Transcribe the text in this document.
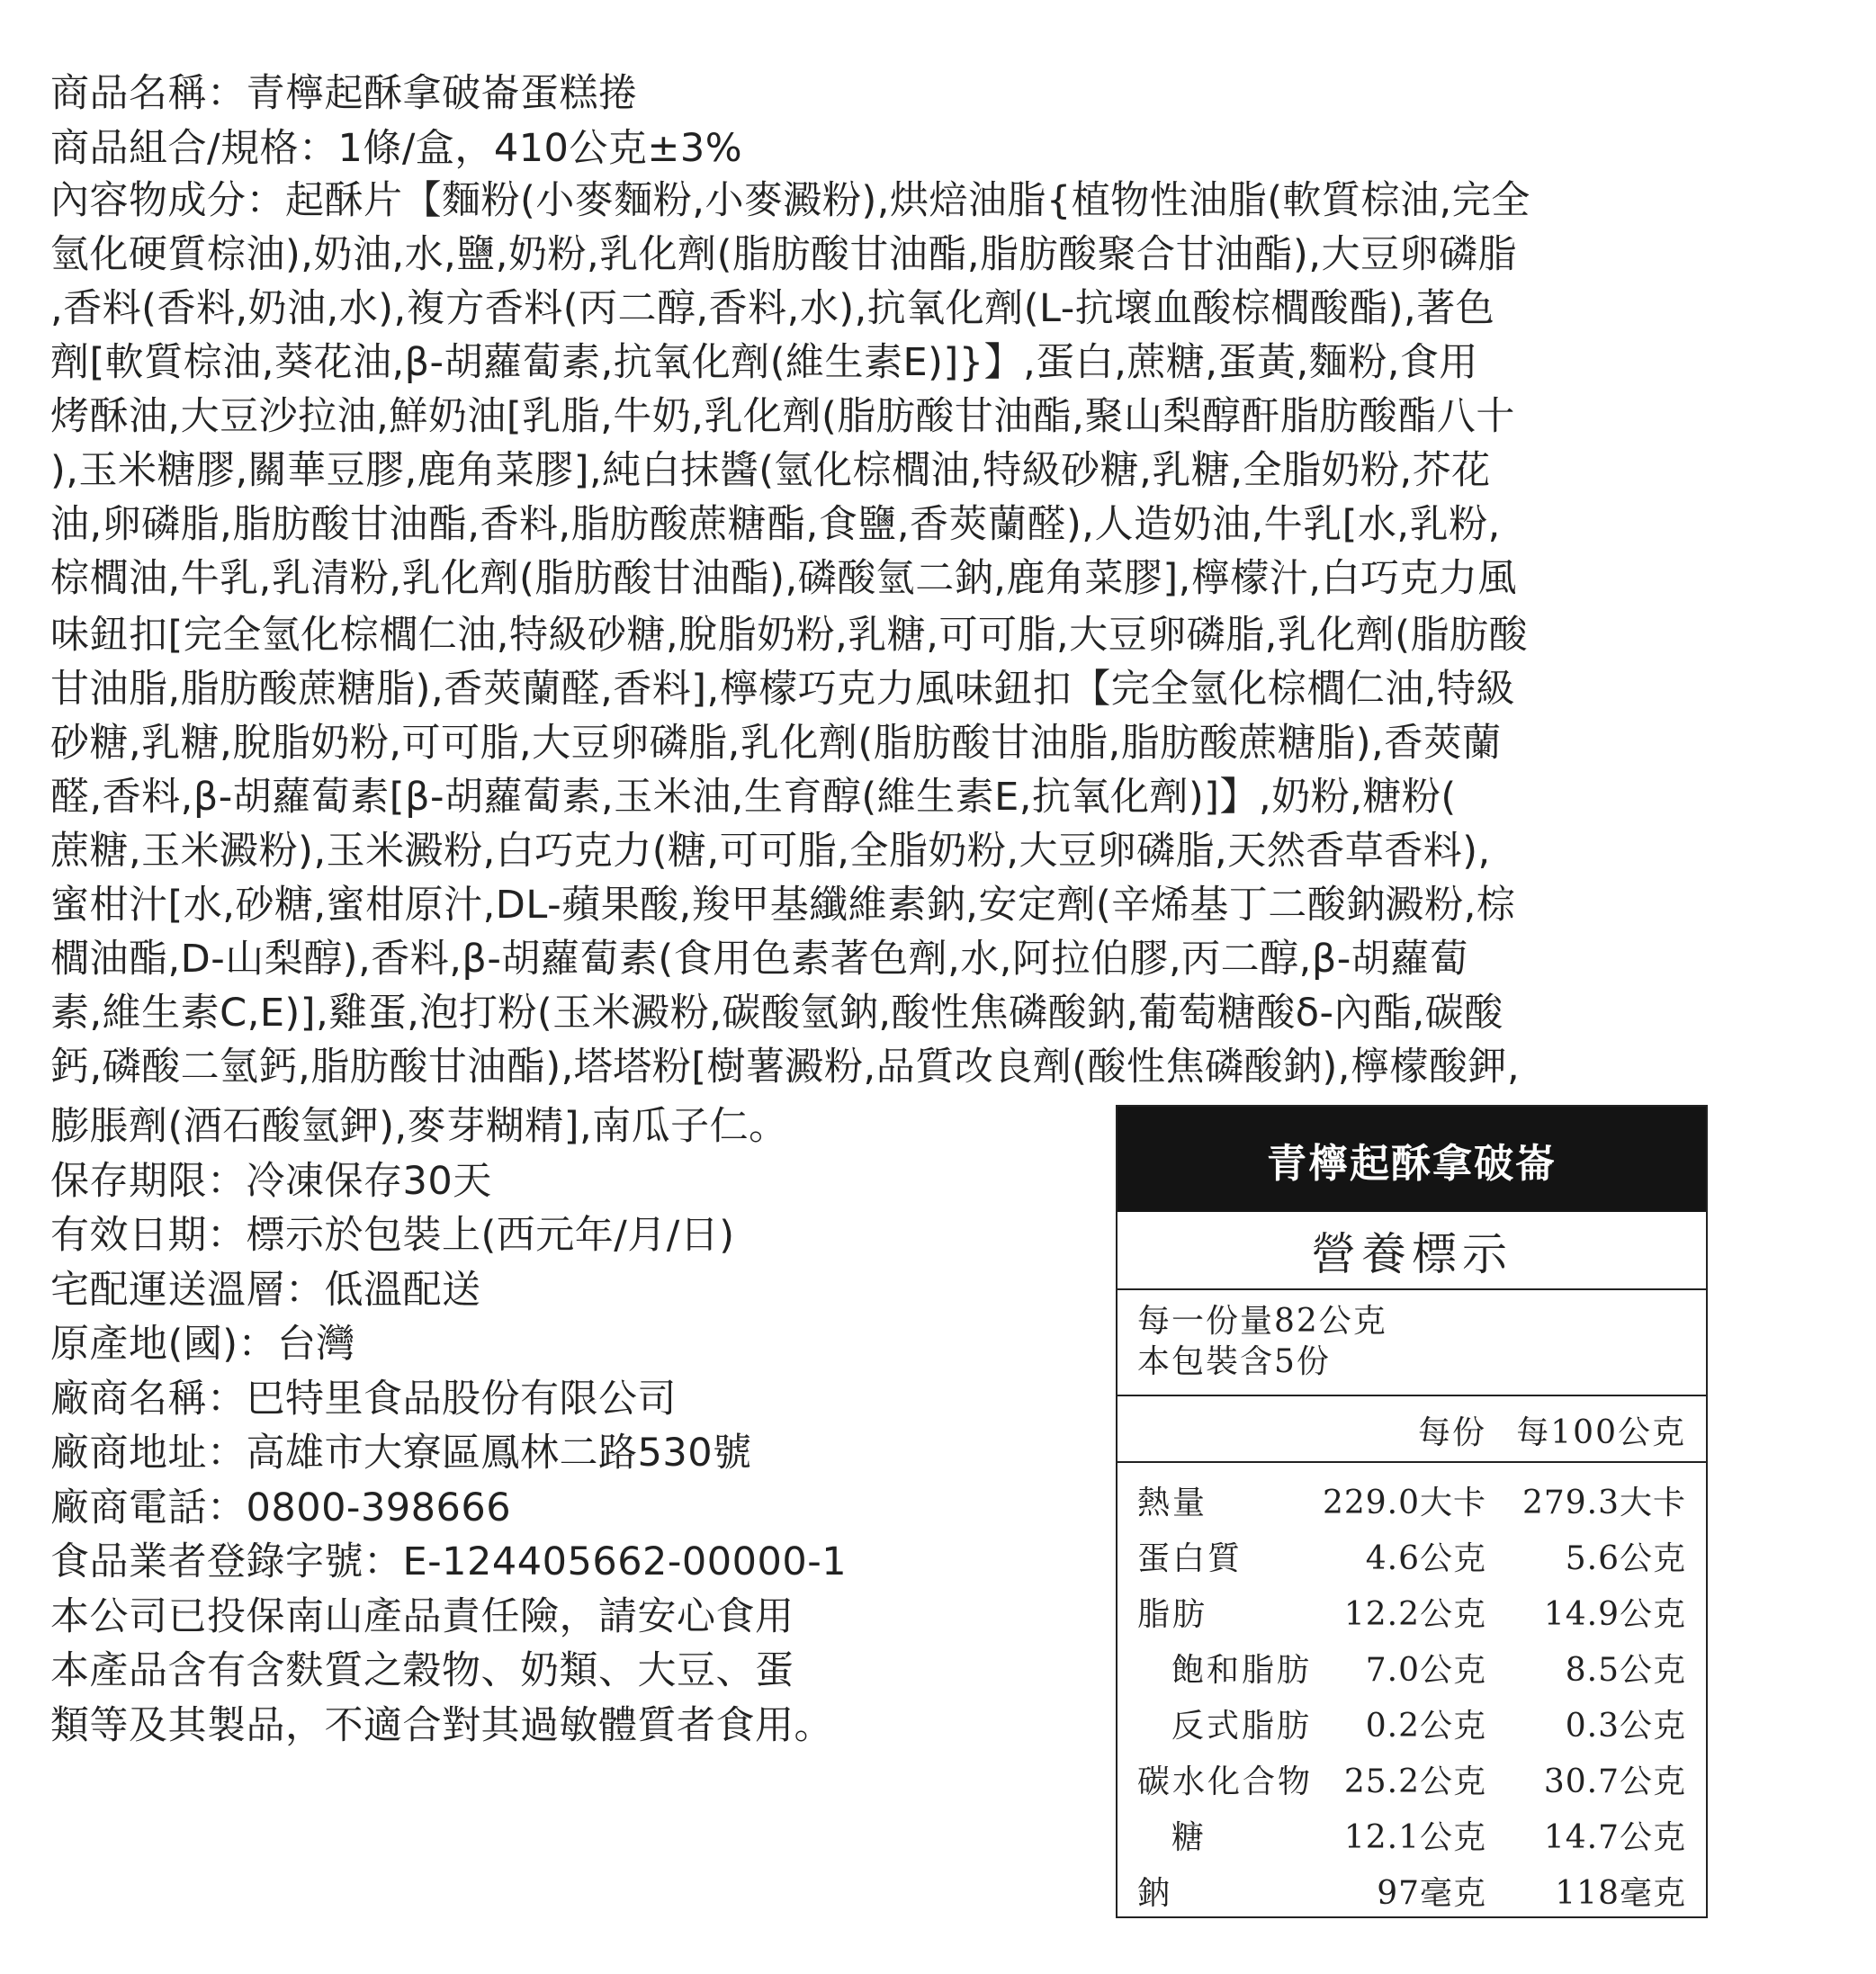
商品名稱：青檸起酥拿破崙蛋糕捲

商品組合/規格：1條/盒，410公克±3%

內容物成分：起酥片【麵粉(小麥麵粉,小麥澱粉),烘焙油脂{植物性油脂(軟質棕油,完全

氫化硬質棕油),奶油,水,鹽,奶粉,乳化劑(脂肪酸甘油酯,脂肪酸聚合甘油酯),大豆卵磷脂

,香料(香料,奶油,水),複方香料(丙二醇,香料,水),抗氧化劑(L-抗壞血酸棕櫚酸酯),著色

劑[軟質棕油,葵花油,β-胡蘿蔔素,抗氧化劑(維生素E)]}】,蛋白,蔗糖,蛋黃,麵粉,食用

烤酥油,大豆沙拉油,鮮奶油[乳脂,牛奶,乳化劑(脂肪酸甘油酯,聚山梨醇酐脂肪酸酯八十

),玉米糖膠,關華豆膠,鹿角菜膠],純白抹醬(氫化棕櫚油,特級砂糖,乳糖,全脂奶粉,芥花

油,卵磷脂,脂肪酸甘油酯,香料,脂肪酸蔗糖酯,食鹽,香莢蘭醛),人造奶油,牛乳[水,乳粉,

棕櫚油,牛乳,乳清粉,乳化劑(脂肪酸甘油酯),磷酸氫二鈉,鹿角菜膠],檸檬汁,白巧克力風

味鈕扣[完全氫化棕櫚仁油,特級砂糖,脫脂奶粉,乳糖,可可脂,大豆卵磷脂,乳化劑(脂肪酸

甘油脂,脂肪酸蔗糖脂),香莢蘭醛,香料],檸檬巧克力風味鈕扣【完全氫化棕櫚仁油,特級

砂糖,乳糖,脫脂奶粉,可可脂,大豆卵磷脂,乳化劑(脂肪酸甘油脂,脂肪酸蔗糖脂),香莢蘭

醛,香料,β-胡蘿蔔素[β-胡蘿蔔素,玉米油,生育醇(維生素E,抗氧化劑)]】,奶粉,糖粉(

蔗糖,玉米澱粉),玉米澱粉,白巧克力(糖,可可脂,全脂奶粉,大豆卵磷脂,天然香草香料),

蜜柑汁[水,砂糖,蜜柑原汁,DL-蘋果酸,羧甲基纖維素鈉,安定劑(辛烯基丁二酸鈉澱粉,棕

櫚油酯,D-山梨醇),香料,β-胡蘿蔔素(食用色素著色劑,水,阿拉伯膠,丙二醇,β-胡蘿蔔

素,維生素C,E)],雞蛋,泡打粉(玉米澱粉,碳酸氫鈉,酸性焦磷酸鈉,葡萄糖酸δ-內酯,碳酸

鈣,磷酸二氫鈣,脂肪酸甘油酯),塔塔粉[樹薯澱粉,品質改良劑(酸性焦磷酸鈉),檸檬酸鉀,

膨脹劑(酒石酸氫鉀),麥芽糊精],南瓜子仁。

保存期限：冷凍保存30天

有效日期：標示於包裝上(西元年/月/日)

宅配運送溫層：低溫配送

原產地(國)：台灣

廠商名稱：巴特里食品股份有限公司

廠商地址：高雄市大寮區鳳林二路530號

廠商電話：0800-398666

食品業者登錄字號：E-124405662-00000-1

本公司已投保南山產品責任險，請安心食用

本產品含有含麩質之穀物、奶類、大豆、蛋

類等及其製品，不適合對其過敏體質者食用。

青檸起酥拿破崙
營養標示
每一份量82公克
本包裝含5份
每份 每100公克
熱量	229.0大卡 279.3大卡
蛋白質	4.6公克 5.6公克
脂肪	12.2公克 14.9公克
飽和脂肪 7.0公克 8.5公克
反式脂肪 0.2公克 0.3公克
碳水化合物 25.2公克 30.7公克
糖	12.1公克 14.7公克
鈉	97毫克 118毫克
